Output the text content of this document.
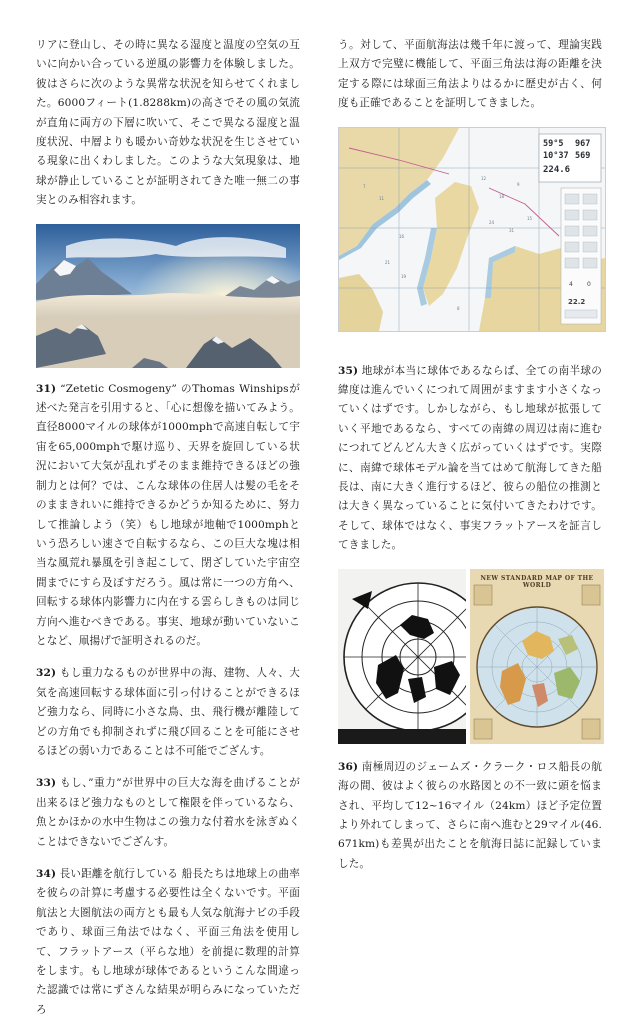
リアに登山し、その時に異なる湿度と温度の空気の互いに向かい合っている逆風の影響力を体験しました。彼はさらに次のような異常な状況を知らせてくれました。6000フィート(1.8288km)の高さでその風の気流が直角に両方の下層に吹いて、そこで異なる湿度と温度状況、中層よりも暖かい奇妙な状況を生じさせている現象に出くわしました。このような大気現象は、地球が静止していることが証明されてきた唯一無二の事実とのみ相容れます。

31) “Zetetic Cosmogeny” のThomas Winshipsが述べた発言を引用すると、「心に想像を描いてみよう。直径8000マイルの球体が1000mphで高速自転して宇宙を65,000mphで駆け巡り、天界を旋回している状況において大気が乱れずそのまま維持できるほどの強制力とは何？では、こんな球体の住居人は髪の毛をそのままきれいに維持できるかどうか知るために、努力して推論しよう（笑）もし地球が地軸で1000mphという恐ろしい速さで自転するなら、この巨大な塊は相当な風荒れ暴風を引き起こして、閉ざしていた宇宙空間までにすら及ぼすだろう。風は常に一つの方角へ、回転する球体内影響力に内在する雲らしきものは同じ方向へ進むべきである。事実、地球が動いていないことなど、凧揚げで証明されるのだ。

32) もし重力なるものが世界中の海、建物、人々、大気を高速回転する球体面に引っ付けることができるほど強力なら、同時に小さな鳥、虫、飛行機が離陸してどの方角でも抑制されずに飛び回ることを可能にさせるほどの弱い力であることは不可能でござんす。

33) もし、”重力”が世界中の巨大な海を曲げることが出来るほど強力なものとして権限を伴っているなら、魚とかほかの水中生物はこの強力な付着水を泳ぎぬくことはできないでござんす。

34) 長い距離を航行している 船長たちは地球上の曲率を彼らの計算に考慮する必要性は全くないです。平面航法と大圏航法の両方とも最も人気な航海ナビの手段であり、球面三角法ではなく、平面三角法を使用して、フラットアース（平らな地）を前提に数理的計算をします。もし地球が球体であるというこんな間違った認識では常にずさんな結果が明らみになっていただろ

う。対して、平面航海法は幾千年に渡って、理論実践上双方で完璧に機能して、平面三角法は海の距離を決定する際には球面三角法よりはるかに歴史が古く、何度も正確であることを証明してきました。

12
18
9
24
31
15
7
11
16
21
19
8
59°5 967
10°37 569
224.6
4 0
22.2

35) 地球が本当に球体であるならば、全ての南半球の緯度は進んでいくにつれて周囲がますます小さくなっていくはずです。しかしながら、もし地球が拡張していく平地であるなら、すべての南緯の周辺は南に進むにつれてどんどん大きく広がっていくはずです。実際に、南緯で球体モデル論を当てはめて航海してきた船長は、南に大きく進行するほど、彼らの船位の推測とは大きく異なっていることに気付いてきたわけです。そして、球体ではなく、事実フラットアースを証言してきました。

NEW STANDARD MAP OF THE WORLD

36) 南極周辺のジェームズ・クラーク・ロス船長の航海の間、彼はよく彼らの水路図との不一致に頭を悩まされ、平均して12~16マイル（24km）ほど予定位置より外れてしまって、さらに南へ進むと29マイル(46.671km)も差異が出たことを航海日誌に記録していました。
